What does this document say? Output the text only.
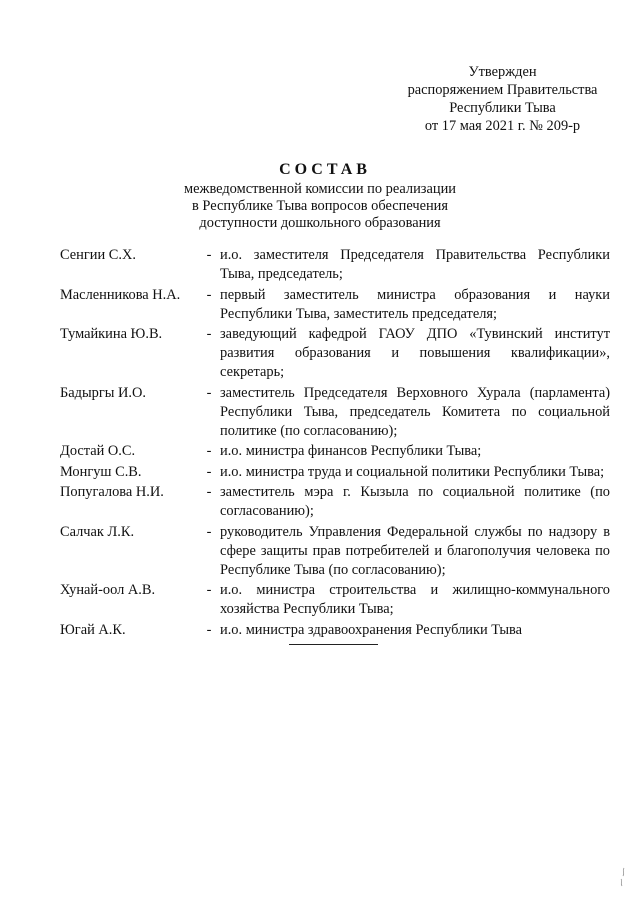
Утвержден
распоряжением Правительства
Республики Тыва
от 17 мая 2021 г. № 209-р
СОСТАВ
межведомственной комиссии по реализации
в Республике Тыва вопросов обеспечения
доступности дошкольного образования
Сенгии С.Х.	- и.о. заместителя Председателя Правительства Республики Тыва, председатель;
Масленникова Н.А.	- первый заместитель министра образования и науки Республики Тыва, заместитель председателя;
Тумайкина Ю.В.	- заведующий кафедрой ГАОУ ДПО «Тувинский институт развития образования и повышения квалификации», секретарь;
Бадыргы И.О.	- заместитель Председателя Верховного Хурала (парламента) Республики Тыва, председатель Комитета по социальной политике (по согласованию);
Достай О.С.	- и.о. министра финансов Республики Тыва;
Монгуш С.В.	- и.о. министра труда и социальной политики Республики Тыва;
Попугалова Н.И.	- заместитель мэра г. Кызыла по социальной политике (по согласованию);
Салчак Л.К.	- руководитель Управления Федеральной службы по надзору в сфере защиты прав потребителей и благополучия человека по Республике Тыва (по согласованию);
Хунай-оол А.В.	- и.о. министра строительства и жилищно-коммунального хозяйства Республики Тыва;
Югай А.К.	- и.о. министра здравоохранения Республики Тыва
